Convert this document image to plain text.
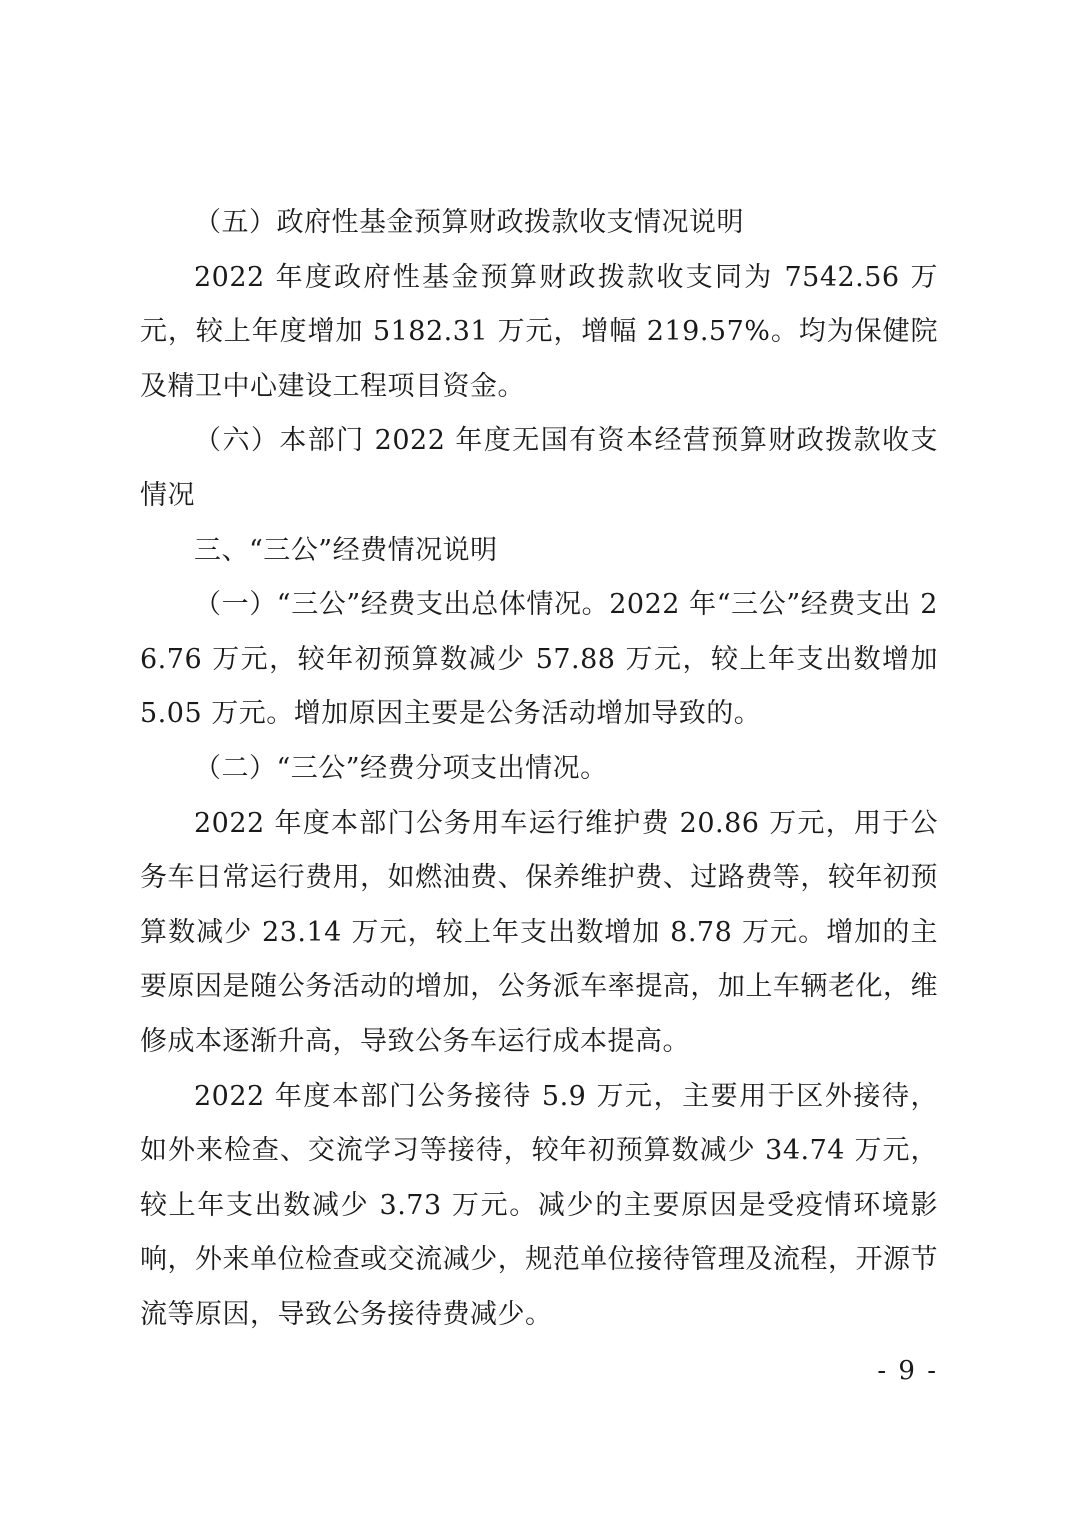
（五）政府性基金预算财政拨款收支情况说明

2022 年度政府性基金预算财政拨款收支同为 7542.56 万元，较上年度增加 5182.31 万元，增幅 219.57%。均为保健院及精卫中心建设工程项目资金。

（六）本部门 2022 年度无国有资本经营预算财政拨款收支情况

三、“三公”经费情况说明

（一）“三公”经费支出总体情况。2022 年“三公”经费支出 26.76 万元，较年初预算数减少 57.88 万元，较上年支出数增加 5.05 万元。增加原因主要是公务活动增加导致的。

（二）“三公”经费分项支出情况。

2022 年度本部门公务用车运行维护费 20.86 万元，用于公务车日常运行费用，如燃油费、保养维护费、过路费等，较年初预算数减少 23.14 万元，较上年支出数增加 8.78 万元。增加的主要原因是随公务活动的增加，公务派车率提高，加上车辆老化，维修成本逐渐升高，导致公务车运行成本提高。

2022 年度本部门公务接待 5.9 万元，主要用于区外接待，如外来检查、交流学习等接待，较年初预算数减少 34.74 万元，较上年支出数减少 3.73 万元。减少的主要原因是受疫情环境影响，外来单位检查或交流减少，规范单位接待管理及流程，开源节流等原因，导致公务接待费减少。

- 9 -
